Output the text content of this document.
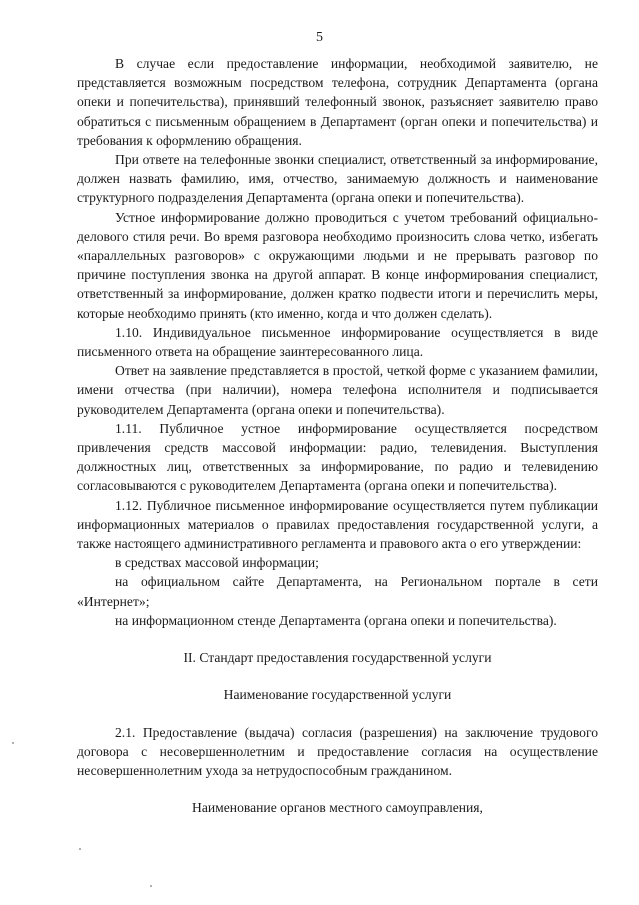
5

В случае если предоставление информации, необходимой заявителю, не представляется возможным посредством телефона, сотрудник Департамента (органа опеки и попечительства), принявший телефонный звонок, разъясняет заявителю право обратиться с письменным обращением в Департамент (орган опеки и попечительства) и требования к оформлению обращения.

При ответе на телефонные звонки специалист, ответственный за информирование, должен назвать фамилию, имя, отчество, занимаемую должность и наименование структурного подразделения Департамента (органа опеки и попечительства).

Устное информирование должно проводиться с учетом требований официально-делового стиля речи. Во время разговора необходимо произносить слова четко, избегать «параллельных разговоров» с окружающими людьми и не прерывать разговор по причине поступления звонка на другой аппарат. В конце информирования специалист, ответственный за информирование, должен кратко подвести итоги и перечислить меры, которые необходимо принять (кто именно, когда и что должен сделать).

1.10. Индивидуальное письменное информирование осуществляется в виде письменного ответа на обращение заинтересованного лица.

Ответ на заявление представляется в простой, четкой форме с указанием фамилии, имени отчества (при наличии), номера телефона исполнителя и подписывается руководителем Департамента (органа опеки и попечительства).

1.11. Публичное устное информирование осуществляется посредством привлечения средств массовой информации: радио, телевидения. Выступления должностных лиц, ответственных за информирование, по радио и телевидению согласовываются с руководителем Департамента (органа опеки и попечительства).

1.12. Публичное письменное информирование осуществляется путем публикации информационных материалов о правилах предоставления государственной услуги, а также настоящего административного регламента и правового акта о его утверждении:

в средствах массовой информации;

на официальном сайте Департамента, на Региональном портале в сети «Интернет»;

на информационном стенде Департамента (органа опеки и попечительства).

II. Стандарт предоставления государственной услуги

Наименование государственной услуги

2.1. Предоставление (выдача) согласия (разрешения) на заключение трудового договора с несовершеннолетним и предоставление согласия на осуществление несовершеннолетним ухода за нетрудоспособным гражданином.

Наименование органов местного самоуправления,
